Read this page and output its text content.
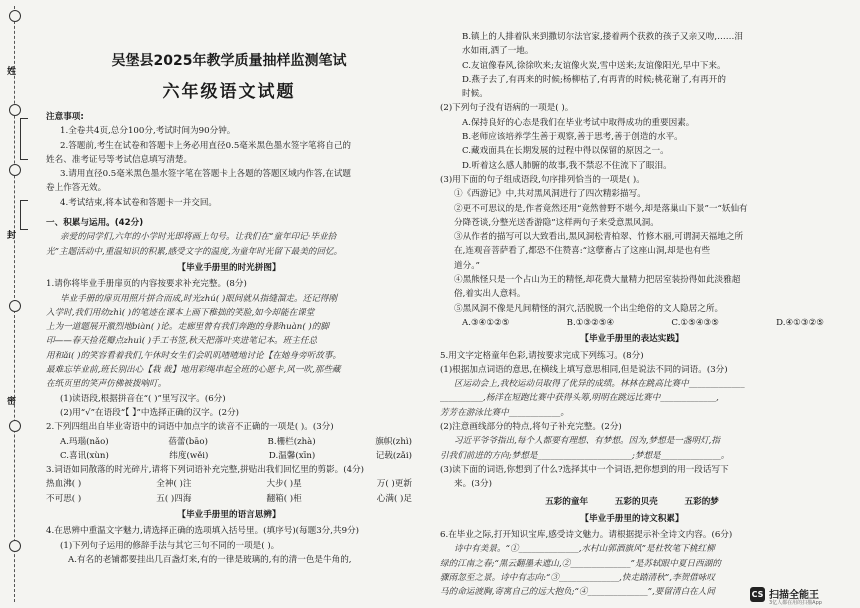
姓
封
密
吴堡县2025年教学质量抽样监测笔试
六年级语文试题

注意事项:

1.全卷共4页,总分100分,考试时间为90分钟。

2.答题前,考生在试卷和答题卡上务必用直径0.5毫米黑色墨水签字笔将自己的

姓名、准考证号等考试信息填写清楚。

3.请用直径0.5毫米黑色墨水签字笔在答题卡上各题的答题区域内作答,在试题

卷上作答无效。

4.考试结束,将本试卷和答题卡一并交回。

一、积累与运用。(42分)

亲爱的同学们,六年的小学时光即将画上句号。让我们在“童年印记·毕业拾

光”主题活动中,重温知识的积累,感受文字的温度,为童年时光留下最美的回忆。

【毕业手册里的时光拼图】

1.请你将毕业手册扉页的内容按要求补充完整。(8分)

毕业手册的扉页用照片拼合而成,时光zhú( )眼间就从指缝溜走。还记得刚

入学时,我们用幼zhì( )的笔迹在课本上画下稚拙的笑脸,如今却能在课堂

上为一道题展开激烈地biàn( )论。走廊里曾有我们奔跑的身影huàn( )的脚

印——春天捡花瓣点zhuì( )手工书签,秋天把落叶夹进笔记本。班主任总

用和ǎi( )的笑容看着我们,午休时女生们会叽叽喳喳地讨论【在她身旁听故事。

最难忘毕业前,班长别出心【栽 裁】地用彩绳串起全班的心愿卡,风一吹,那些藏

在纸页里的笑声仿佛被拨响叮。

(1)读语段,根据拼音在“( )”里写汉字。(6分)

(2)用“√”在语段“【 】”中选择正确的汉字。(2分)

2.下列四组出自毕业寄语中的词语中加点字的读音不正确的一项是( )。(3分)

A.玛瑙(nǎo)	蓓蕾(bāo)	B.栅栏(zhà)	旗帜(zhì)
C.喜讯(xùn)	纬度(wěi)	D.温馨(xīn)	记载(zǎi)

3.词语如同散落的时光碎片,请将下列词语补充完整,拼贴出我们回忆里的剪影。(4分)

热血沸( )	全神( )注	大步( )星	万( )更新
不可思( )	五( )四海	翻箱( )柜	心满( )足

【毕业手册里的语言思辨】

4.在思辨中重温文字魅力,请选择正确的选项填入括号里。(填序号)(每题3分,共9分)

(1)下列句子运用的修辞手法与其它三句不同的一项是( )。

A.有名的老铺都要挂出几百盏灯来,有的一律是玻璃的,有的清一色是牛角的,

B.镇上的人排着队来到撒切尔法官家,搂着两个获救的孩子又亲又吻,……泪

水如雨,洒了一地。

C.友谊像春风,徐徐吹来;友谊像火炭,雪中送来;友谊像阳光,早中下来。

D.燕子去了,有再来的时候;杨柳枯了,有再青的时候;桃花谢了,有再开的

时候。

(2)下列句子没有语病的一项是( )。

A.保持良好的心态是我们在毕业考试中取得成功的重要因素。

B.老师应该培养学生善于观察,善于思考,善于创造的水平。

C.藏戏面具在长期发展的过程中得以保留的原因之一。

D.听着这么感人肺腑的故事,我不禁忍不住流下了眼泪。

(3)用下面的句子组成语段,句序排列恰当的一项是( )。

①《西游记》中,共对黑风洞进行了四次精彩描写。

②更不可思议的是,作者竟然还用“竟然曾野不堪今,却是落巢山下景”一“妖仙有

分降苍谈,分整光送香游隐”这样两句子来受意黑风洞。

③从作者的描写可以大致看出,黑风洞松青柏翠、竹修木丽,可谓洞天福地之所

在,连观音菩萨看了,都恐不住赞喜:“这孽畜占了这座山洞,却是也有些

道分。”

④黑熊怪只是一个占山为王的精怪,却花费大量精力把居室装扮得如此淡雅超

俗,着实出人意料。

⑤黑风洞不像是凡间精怪的洞穴,活脱脱一个出尘绝俗的文人隐居之所。

A.③④①②⑤	B.①③②⑤④	C.①⑤④③⑤	D.④①③②⑤

【毕业手册里的表达实践】

5.用文字定格童年色彩,请按要求完成下列练习。(8分)

(1)根据加点词语的意思,在横线上填写意思相同,但是说法不同的词语。(3分)

区运动会上,我校运动员取得了优异的成绩。林林在跳高比赛中_____________

__________,杨洋在短跑比赛中获得头筹,明明在跳远比赛中_____________,

芳芳在游泳比赛中____________。

(2)注意画线部分的特点,将句子补充完整。(2分)

习近平爷爷指出,每个人都要有理想、有梦想。因为,梦想是一盏明灯,指

引我们前进的方向;梦想是______________________;梦想是______________。

(3)读下面的词语,你想到了什么?选择其中一个词语,把你想到的用一段话写下

来。(3分)

五彩的童年	五彩的贝壳	五彩的梦

【毕业手册里的诗文积累】

6.在毕业之际,打开知识宝库,感受诗文魅力。请根据提示补全诗文内容。(6分)

诗中有美景。“①______________,水村山郭酒旗风”是杜牧笔下桃红柳

绿的江南之春;“黑云翻墨未遮山,②______________”是苏轼眼中夏日西湖的

骤雨忽至之景。诗中有志向:“③______________,快走踏清秋”,李贺借咏叹

马的命运渡胸,寄寓自己的远大抱负;“④______________”,要留清白在人间	CS 扫描全能王
3亿人都在用的扫描App
